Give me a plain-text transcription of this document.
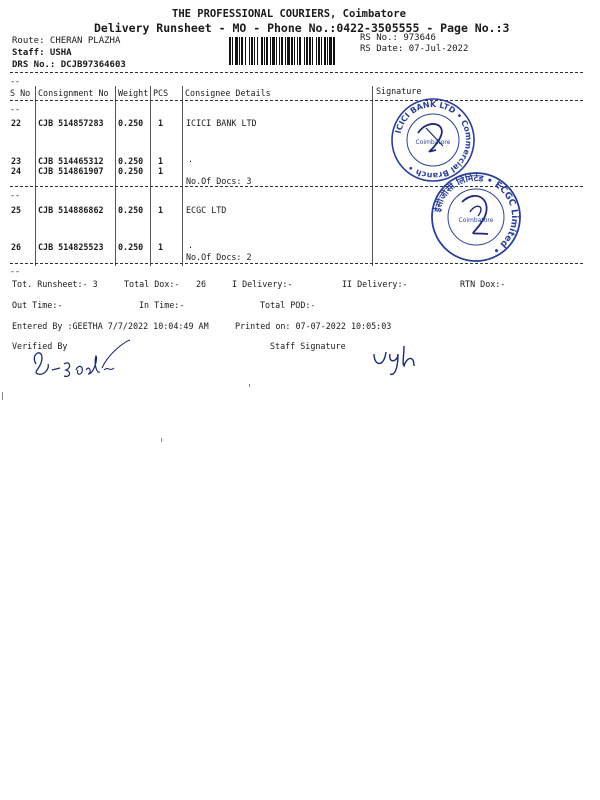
THE PROFESSIONAL COURIERS, Coimbatore
Delivery Runsheet - MO - Phone No.:0422-3505555 - Page No.:3
Route: CHERAN PLAZHA
Staff: USHA
DRS No.: DCJB97364603
RS No.: 973646
RS Date: 07-Jul-2022
--
S No Consignment No Weight PCS Consignee Details	Signature
--
22 CJB 514857283 0.250 1	ICICI BANK LTD
23 CJB 514465312 0.250 1	.
24 CJB 514861907 0.250 1
No.Of Docs: 3
--
25 CJB 514886862 0.250 1	ECGC LTD
26 CJB 514825523 0.250 1	.
No.Of Docs: 2
--
ICICI BANK LTD • Commercial Branch •
Coimbatore
ईसीजीसी लिमिटेड • ECGC Limited •
Coimbatore
Tot. Runsheet:- 3	Total Dox:- 26	I Delivery:-	II Delivery:-	RTN Dox:-
Out Time:-	In Time:-	Total POD:-
Entered By :GEETHA 7/7/2022 10:04:49 AM	Printed on: 07-07-2022 10:05:03
Verified By	Staff Signature
